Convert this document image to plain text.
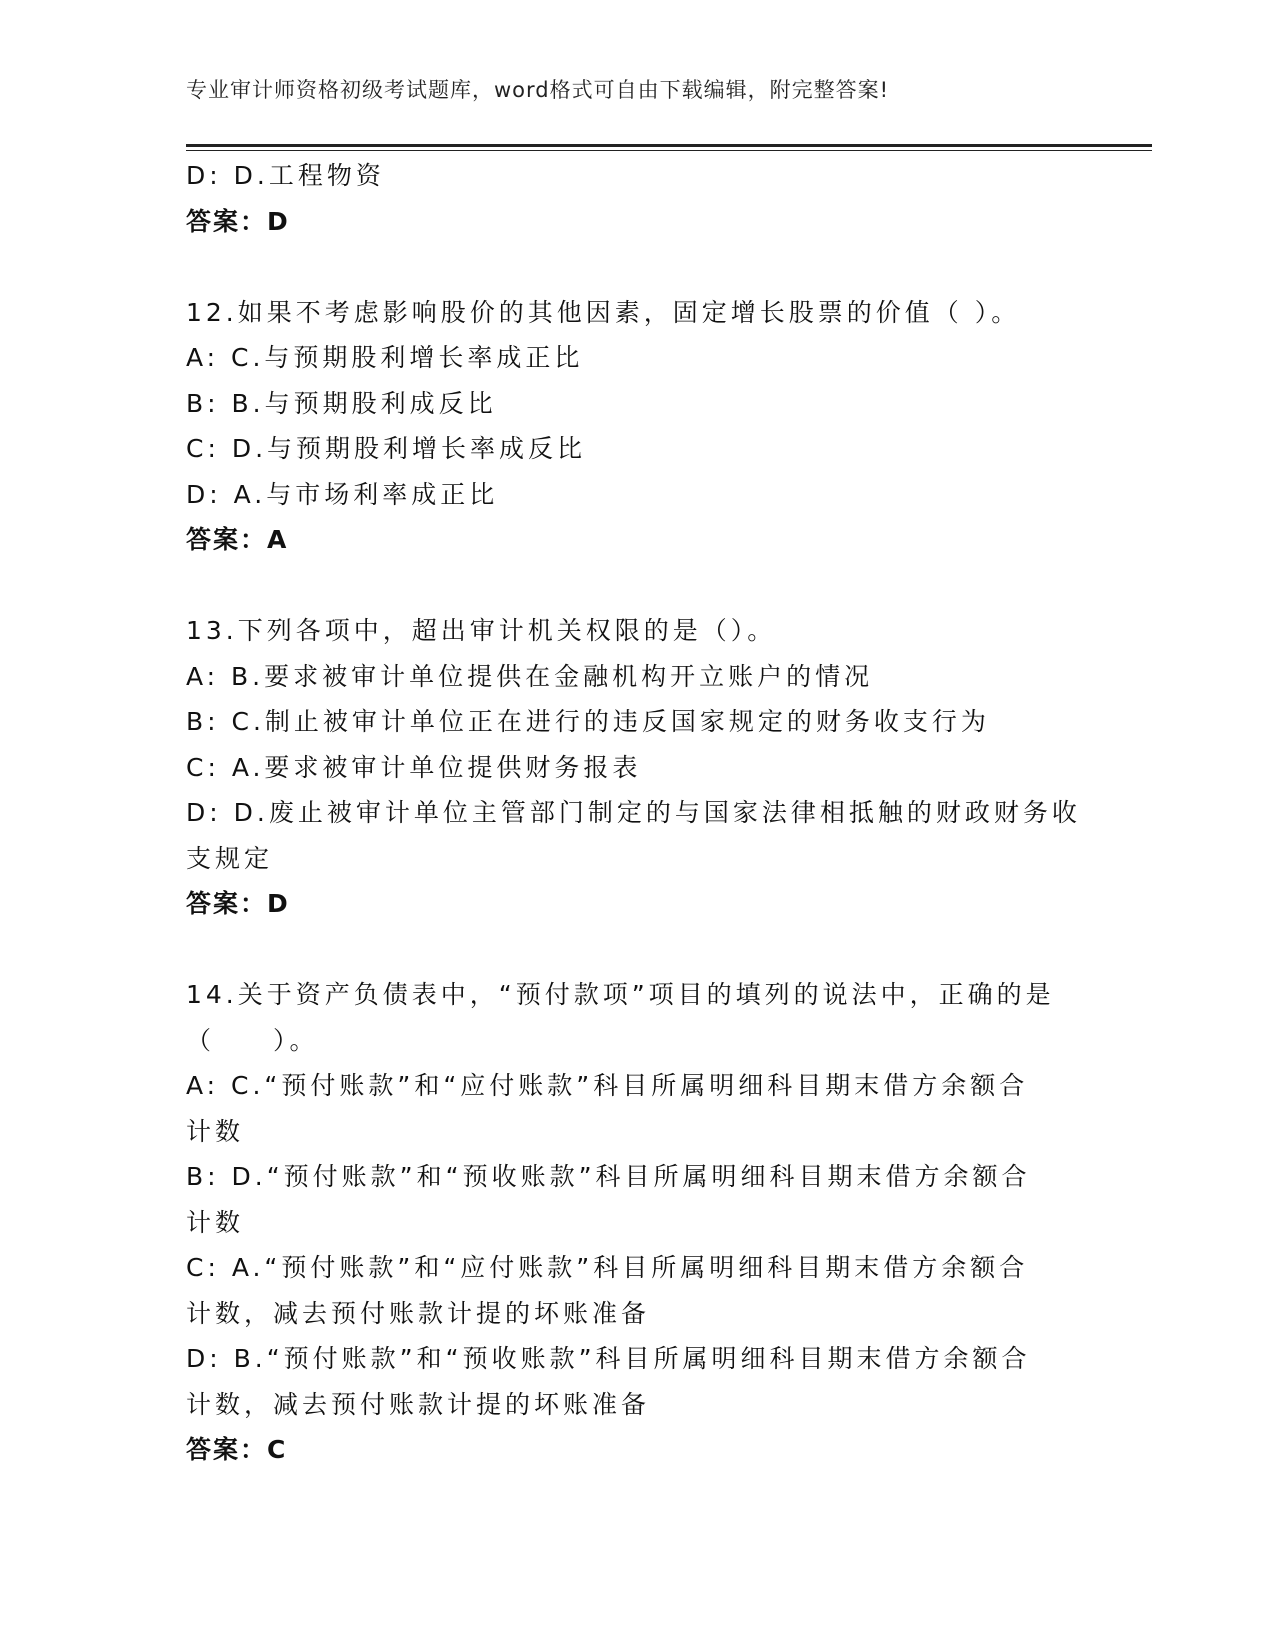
专业审计师资格初级考试题库，word格式可自由下载编辑，附完整答案!
D: D.工程物资
答案：D
12.如果不考虑影响股价的其他因素，固定增长股票的价值（ ）。
A: C.与预期股利增长率成正比
B: B.与预期股利成反比
C: D.与预期股利增长率成反比
D: A.与市场利率成正比
答案：A
13.下列各项中，超出审计机关权限的是（）。
A: B.要求被审计单位提供在金融机构开立账户的情况
B: C.制止被审计单位正在进行的违反国家规定的财务收支行为
C: A.要求被审计单位提供财务报表
D: D.废止被审计单位主管部门制定的与国家法律相抵触的财政财务收
支规定
答案：D
14.关于资产负债表中，“预付款项”项目的填列的说法中，正确的是
（　　）。
A: C.“预付账款”和“应付账款”科目所属明细科目期末借方余额合
计数
B: D.“预付账款”和“预收账款”科目所属明细科目期末借方余额合
计数
C: A.“预付账款”和“应付账款”科目所属明细科目期末借方余额合
计数，减去预付账款计提的坏账准备
D: B.“预付账款”和“预收账款”科目所属明细科目期末借方余额合
计数，减去预付账款计提的坏账准备
答案：C
